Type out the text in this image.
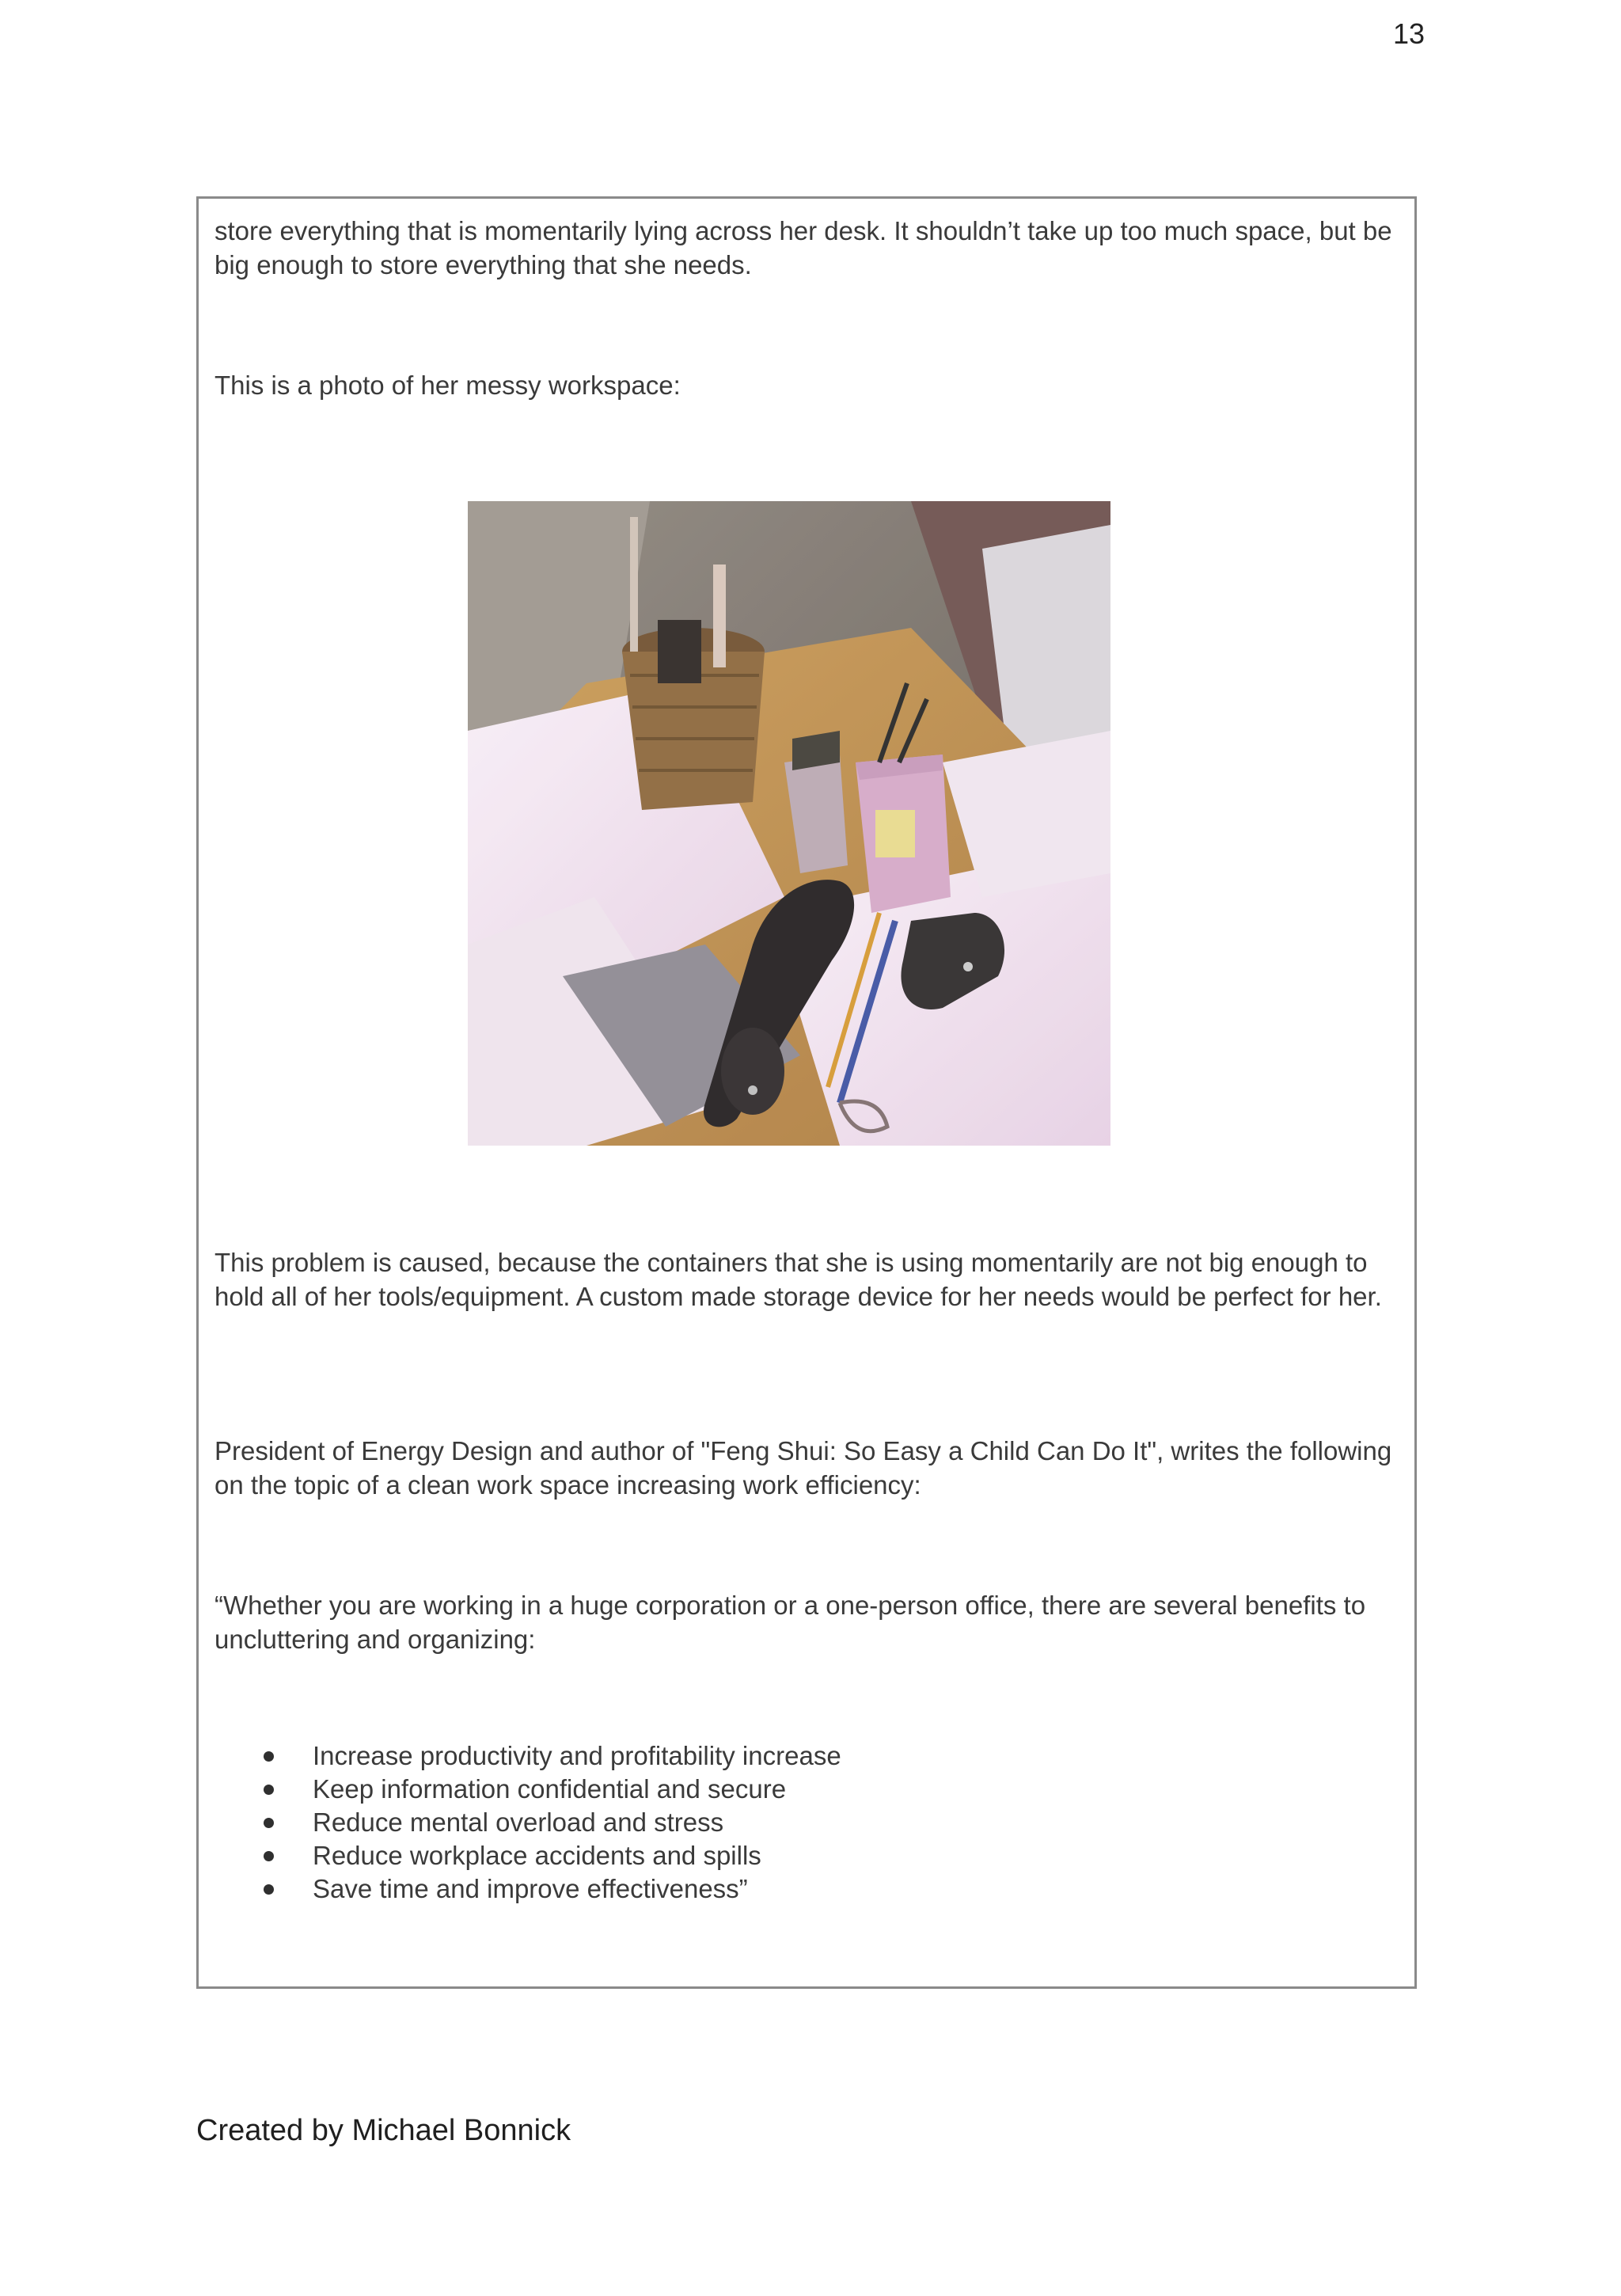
13

store everything that is momentarily lying across her desk. It shouldn’t take up too much space, but be big enough to store everything that she needs.

This is a photo of her messy workspace:

This problem is caused, because the containers that she is using momentarily are not big enough to hold all of her tools/equipment. A custom made storage device for her needs would be perfect for her.

President of Energy Design and author of "Feng Shui: So Easy a Child Can Do It", writes the following on the topic of a clean work space increasing work efficiency:

“Whether you are working in a huge corporation or a one-person office, there are several benefits to uncluttering and organizing:

Increase productivity and profitability increase
Keep information confidential and secure
Reduce mental overload and stress
Reduce workplace accidents and spills
Save time and improve effectiveness”
Created by Michael Bonnick
